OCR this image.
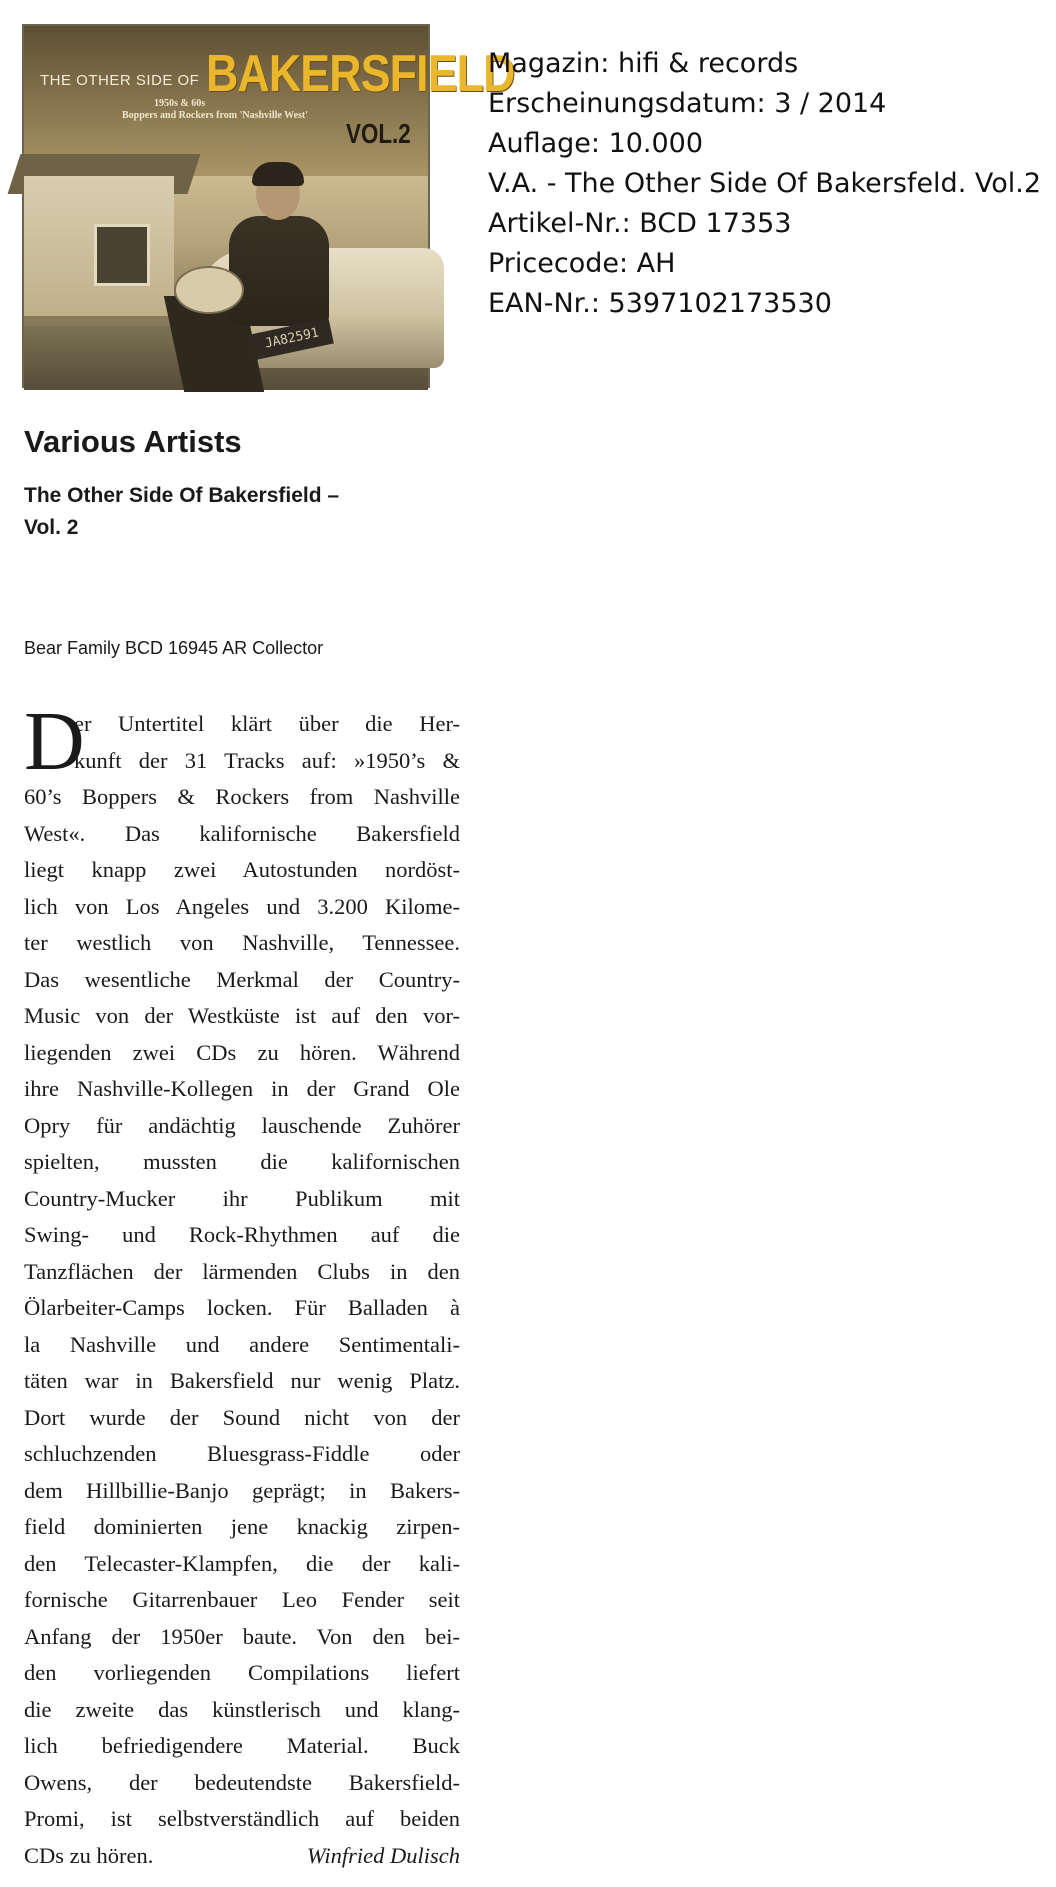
JA82591
THE OTHER SIDE OF BAKERSFIELD
1950s & 60s
Boppers and Rockers from 'Nashville West'
VOL.2
Magazin: hifi & records
Erscheinungsdatum: 3 / 2014
Auflage: 10.000
V.A. - The Other Side Of Bakersfeld. Vol.2
Artikel-Nr.: BCD 17353
Pricecode: AH
EAN-Nr.: 5397102173530
Various Artists
The Other Side Of Bakersfield –
Vol. 2
Bear Family BCD 16945 AR Collector
D
er Untertitel klärt über die Her-
kunft der 31 Tracks auf: »1950’s &
60’s Boppers & Rockers from Nashville
West«. Das kalifornische Bakersfield
liegt knapp zwei Autostunden nordöst-
lich von Los Angeles und 3.200 Kilome-
ter westlich von Nashville, Tennessee.
Das wesentliche Merkmal der Country-
Music von der Westküste ist auf den vor-
liegenden zwei CDs zu hören. Während
ihre Nashville-Kollegen in der Grand Ole
Opry für andächtig lauschende Zuhörer
spielten, mussten die kalifornischen
Country-Mucker ihr Publikum mit
Swing- und Rock-Rhythmen auf die
Tanzflächen der lärmenden Clubs in den
Ölarbeiter-Camps locken. Für Balladen à
la Nashville und andere Sentimentali-
täten war in Bakersfield nur wenig Platz.
Dort wurde der Sound nicht von der
schluchzenden Bluesgrass-Fiddle oder
dem Hillbillie-Banjo geprägt; in Bakers-
field dominierten jene knackig zirpen-
den Telecaster-Klampfen, die der kali-
fornische Gitarrenbauer Leo Fender seit
Anfang der 1950er baute. Von den bei-
den vorliegenden Compilations liefert
die zweite das künstlerisch und klang-
lich befriedigendere Material. Buck
Owens, der bedeutendste Bakersfield-
Promi, ist selbstverständlich auf beiden
CDs zu hören.	Winfried Dulisch
